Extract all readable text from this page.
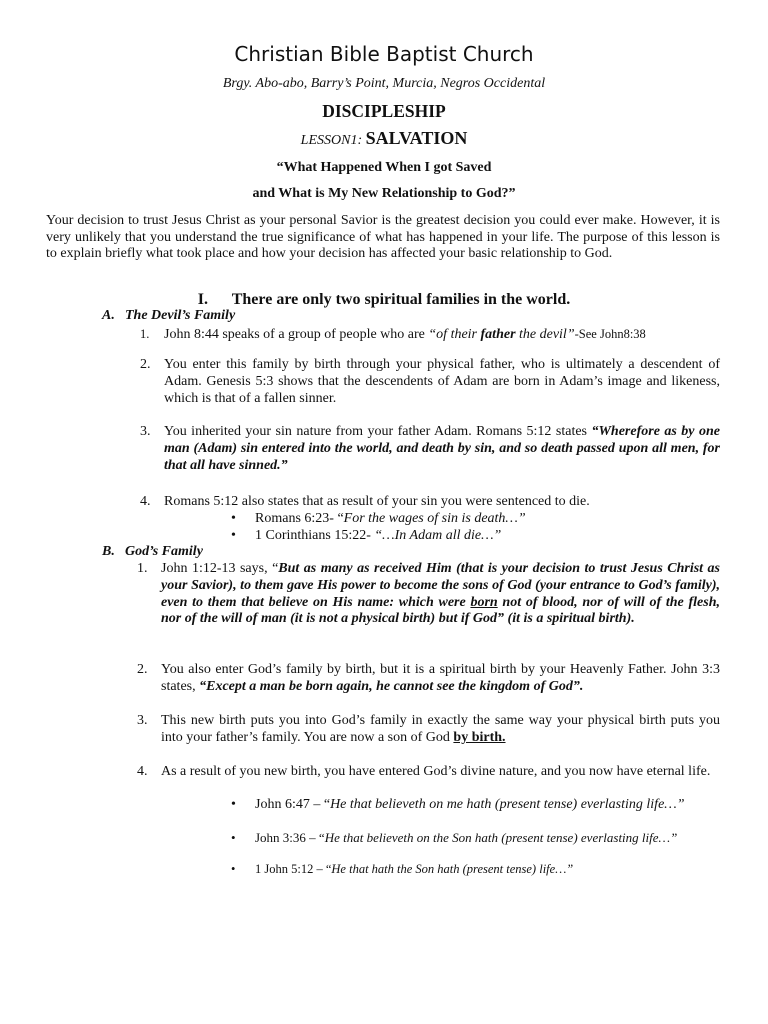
Christian Bible Baptist Church
Brgy. Abo-abo, Barry’s Point, Murcia, Negros Occidental
DISCIPLESHIP
LESSON1: SALVATION
“What Happened When I got Saved
and What is My New Relationship to God?”
Your decision to trust Jesus Christ as your personal Savior is the greatest decision you could ever make. However, it is very unlikely that you understand the true significance of what has happened in your life. The purpose of this lesson is to explain briefly what took place and how your decision has affected your basic relationship to God.
I. There are only two spiritual families in the world.
A. The Devil’s Family
1.	John 8:44 speaks of a group of people who are “of their father the devil”-See John8:38
2. You enter this family by birth through your physical father, who is ultimately a descendent of Adam. Genesis 5:3 shows that the descendents of Adam are born in Adam’s image and likeness, which is that of a fallen sinner.
3. You inherited your sin nature from your father Adam. Romans 5:12 states “Wherefore as by one man (Adam) sin entered into the world, and death by sin, and so death passed upon all men, for that all have sinned.”
4. Romans 5:12 also states that as result of your sin you were sentenced to die.
•	Romans 6:23- “For the wages of sin is death…”
•	1 Corinthians 15:22- “…In Adam all die…”
B. God’s Family
1. John 1:12-13 says, “But as many as received Him (that is your decision to trust Jesus Christ as your Savior), to them gave His power to become the sons of God (your entrance to God’s family), even to them that believe on His name: which were born not of blood, nor of will of the flesh, nor of the will of man (it is not a physical birth) but if God” (it is a spiritual birth).
2. You also enter God’s family by birth, but it is a spiritual birth by your Heavenly Father. John 3:3 states, “Except a man be born again, he cannot see the kingdom of God”.
3. This new birth puts you into God’s family in exactly the same way your physical birth puts you into your father’s family. You are now a son of God by birth.
4. As a result of you new birth, you have entered God’s divine nature, and you now have eternal life.
•	John 6:47 – “He that believeth on me hath (present tense) everlasting life…”
•	John 3:36 – “He that believeth on the Son hath (present tense) everlasting life…”
•	1 John 5:12 – “He that hath the Son hath (present tense) life…”
